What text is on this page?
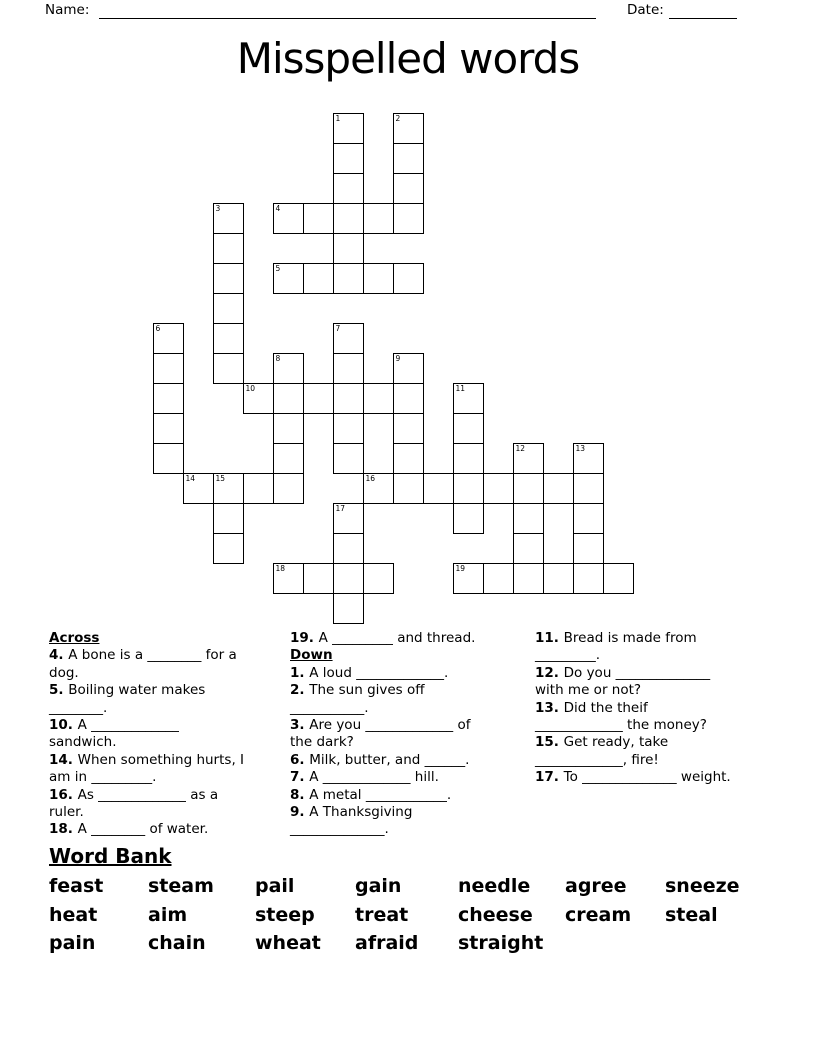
Name:	Date:
Misspelled words
1	2
3	4
5
6	7
8	9
10	11
12	13
14	15	16
17
18	19
Across
4. A bone is a ________ for a
dog.
5. Boiling water makes
________.
10. A _____________
sandwich.
14. When something hurts, I
am in _________.
16. As _____________ as a
ruler.
18. A ________ of water.
19. A _________ and thread.
Down
1. A loud _____________.
2. The sun gives off
___________.
3. Are you _____________ of
the dark?
6. Milk, butter, and ______.
7. A _____________ hill.
8. A metal ____________.
9. A Thanksgiving
______________.
11. Bread is made from
_________.
12. Do you ______________
with me or not?
13. Did the theif
_____________ the money?
15. Get ready, take
_____________, fire!
17. To ______________ weight.
Word Bank
feast	steam	pail	gain	needle	agree	sneeze
heat	aim	steep	treat	cheese	cream	steal
pain	chain	wheat	afraid	straight
